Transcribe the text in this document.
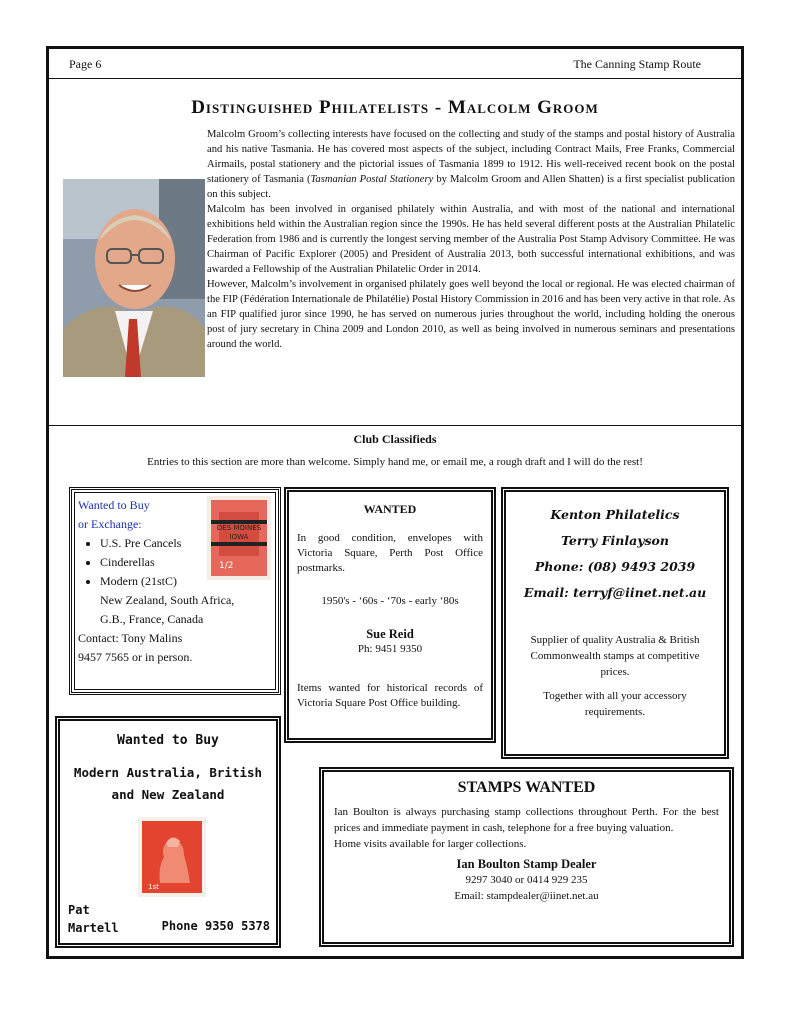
Page 6	The Canning Stamp Route
Distinguished Philatelists - Malcolm Groom

Malcolm Groom’s collecting interests have focused on the collecting and study of the stamps and postal history of Australia and his native Tasmania. He has covered most aspects of the subject, including Contract Mails, Free Franks, Commercial Airmails, postal stationery and the pictorial issues of Tasmania 1899 to 1912. His well-received recent book on the postal stationery of Tasmania (Tasmanian Postal Stationery by Malcolm Groom and Allen Shatten) is a first specialist publication on this subject.

Malcolm has been involved in organised philately within Australia, and with most of the national and international exhibitions held within the Australian region since the 1990s. He has held several different posts at the Australian Philatelic Federation from 1986 and is currently the longest serving member of the Australia Post Stamp Advisory Committee. He was Chairman of Pacific Explorer (2005) and President of Australia 2013, both successful international exhibitions, and was awarded a Fellowship of the Australian Philatelic Order in 2014.

However, Malcolm’s involvement in organised philately goes well beyond the local or regional. He was elected chairman of the FIP (Fédération Internationale de Philatélie) Postal History Commission in 2016 and has been very active in that role. As an FIP qualified juror since 1990, he has served on numerous juries throughout the world, including holding the onerous post of jury secretary in China 2009 and London 2010, as well as being involved in numerous seminars and presentations around the world.

Club Classifieds
Entries to this section are more than welcome. Simply hand me, or email me, a rough draft and I will do the rest!
Wanted to Buy
or Exchange:
• U.S. Pre Cancels
• Cinderellas
• Modern (21stC)
New Zealand, South Africa,
G.B., France, Canada
Contact: Tony Malins
9457 7565 or in person.
DES MOINES
IOWA
1/2
WANTED
In good condition, envelopes with Victoria Square, Perth Post Office postmarks.
1950's - ‘60s - ‘70s - early ‘80s
Sue Reid
Ph: 9451 9350
Items wanted for historical records of Victoria Square Post Office building.
Kenton Philatelics
Terry Finlayson
Phone: (08) 9493 2039
Email: terryf@iinet.net.au
Supplier of quality Australia & British Commonwealth stamps at competitive prices.
Together with all your accessory requirements.
Wanted to Buy
Modern Australia, British and New Zealand
1st
Pat Martell	Phone 9350 5378
STAMPS WANTED
Ian Boulton is always purchasing stamp collections throughout Perth. For the best prices and immediate payment in cash, telephone for a free buying valuation.
Home visits available for larger collections.
Ian Boulton Stamp Dealer
9297 3040 or 0414 929 235
Email: stampdealer@iinet.net.au
